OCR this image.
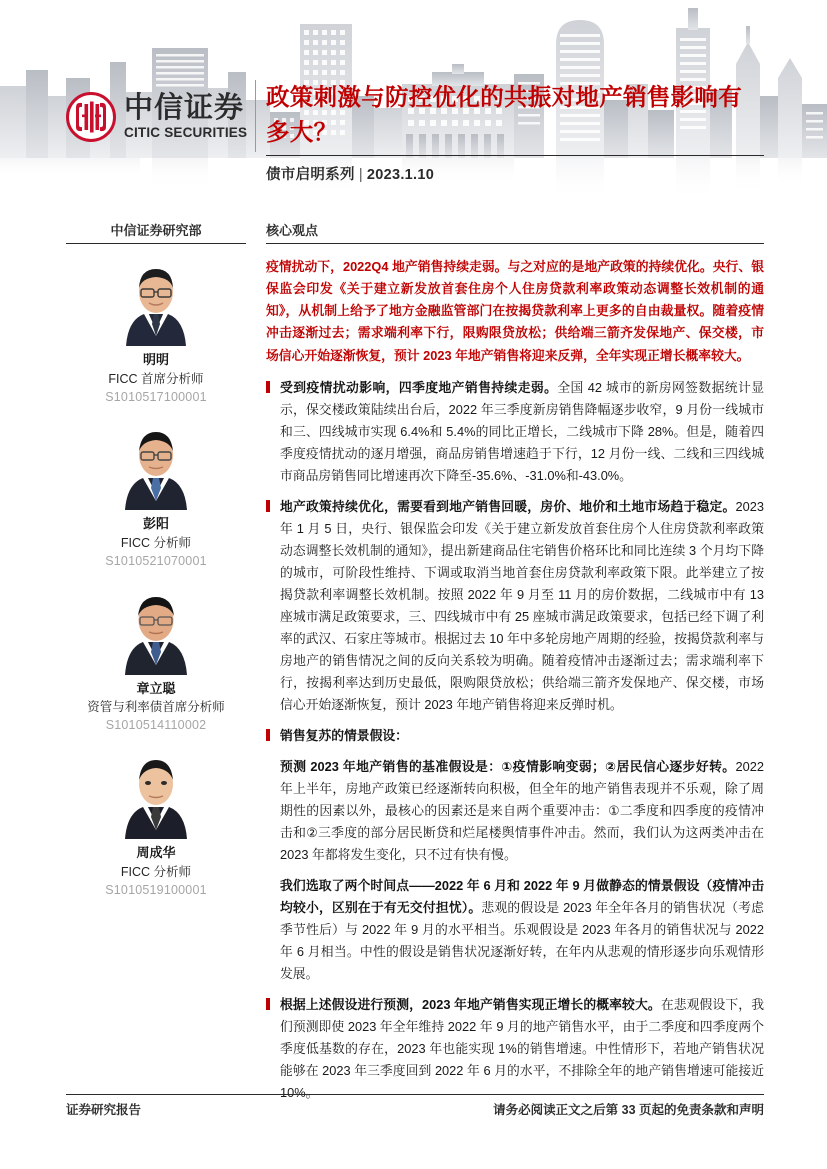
中信证券
CITIC SECURITIES
政策刺激与防控优化的共振对地产销售影响有多大？
债市启明系列 | 2023.1.10
中信证券研究部	核心观点
明明
FICC 首席分析师
S1010517100001
彭阳
FICC 分析师
S1010521070001
章立聪
资管与利率债首席分析师
S1010514110002
周成华
FICC 分析师
S1010519100001

疫情扰动下，2022Q4 地产销售持续走弱。与之对应的是地产政策的持续优化。央行、银保监会印发《关于建立新发放首套住房个人住房贷款利率政策动态调整长效机制的通知》，从机制上给予了地方金融监管部门在按揭贷款利率上更多的自由裁量权。随着疫情冲击逐渐过去；需求端利率下行，限购限贷放松；供给端三箭齐发保地产、保交楼，市场信心开始逐渐恢复，预计 2023 年地产销售将迎来反弹，全年实现正增长概率较大。

受到疫情扰动影响，四季度地产销售持续走弱。全国 42 城市的新房网签数据统计显示，保交楼政策陆续出台后，2022 年三季度新房销售降幅逐步收窄，9 月份一线城市和三、四线城市实现 6.4%和 5.4%的同比正增长，二线城市下降 28%。但是，随着四季度疫情扰动的逐月增强，商品房销售增速趋于下行，12 月份一线、二线和三四线城市商品房销售同比增速再次下降至-35.6%、-31.0%和-43.0%。

地产政策持续优化，需要看到地产销售回暖，房价、地价和土地市场趋于稳定。2023 年 1 月 5 日，央行、银保监会印发《关于建立新发放首套住房个人住房贷款利率政策动态调整长效机制的通知》，提出新建商品住宅销售价格环比和同比连续 3 个月均下降的城市，可阶段性维持、下调或取消当地首套住房贷款利率政策下限。此举建立了按揭贷款利率调整长效机制。按照 2022 年 9 月至 11 月的房价数据，二线城市中有 13 座城市满足政策要求，三、四线城市中有 25 座城市满足政策要求，包括已经下调了利率的武汉、石家庄等城市。根据过去 10 年中多轮房地产周期的经验，按揭贷款利率与房地产的销售情况之间的反向关系较为明确。随着疫情冲击逐渐过去；需求端利率下行，按揭利率达到历史最低，限购限贷放松；供给端三箭齐发保地产、保交楼，市场信心开始逐渐恢复，预计 2023 年地产销售将迎来反弹时机。

销售复苏的情景假设：

预测 2023 年地产销售的基准假设是：①疫情影响变弱；②居民信心逐步好转。2022 年上半年，房地产政策已经逐渐转向积极，但全年的地产销售表现并不乐观，除了周期性的因素以外，最核心的因素还是来自两个重要冲击：①二季度和四季度的疫情冲击和②三季度的部分居民断贷和烂尾楼舆情事件冲击。然而，我们认为这两类冲击在 2023 年都将发生变化，只不过有快有慢。

我们选取了两个时间点——2022 年 6 月和 2022 年 9 月做静态的情景假设（疫情冲击均较小，区别在于有无交付担忧）。悲观的假设是 2023 年全年各月的销售状况（考虑季节性后）与 2022 年 9 月的水平相当。乐观假设是 2023 年各月的销售状况与 2022 年 6 月相当。中性的假设是销售状况逐渐好转，在年内从悲观的情形逐步向乐观情形发展。

根据上述假设进行预测，2023 年地产销售实现正增长的概率较大。在悲观假设下，我们预测即使 2023 年全年维持 2022 年 9 月的地产销售水平，由于二季度和四季度两个季度低基数的存在，2023 年也能实现 1%的销售增速。中性情形下，若地产销售状况能够在 2023 年三季度回到 2022 年 6 月的水平，不排除全年的地产销售增速可能接近 10%。

证券研究报告	请务必阅读正文之后第 33 页起的免责条款和声明
